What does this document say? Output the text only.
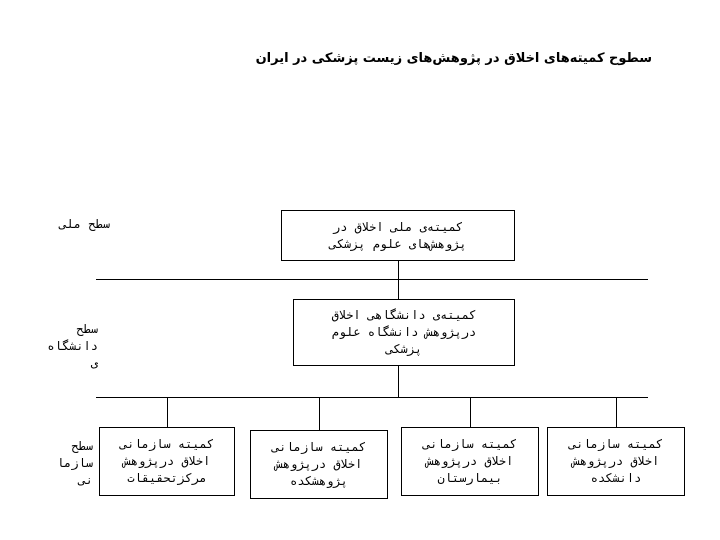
سطوح کمیته‌های اخلاق در پژوهش‌های زیست پزشکی در ایران
سطح ملی
سطح
دانشگاه
ی
سطح
سازما
نی
کمیته‌ی ملی اخلاق در
پژوهش‌های علوم پزشکی
کمیته‌ی دانشگاهی اخلاق
درپژوهش دانشگاه علوم
پزشکی
کمیته سازمانی
اخلاق درپژوهش
مرکزتحقیقات
کمیته سازمانی
اخلاق درپژوهش
پژوهشکده
کمیته سازمانی
اخلاق درپژوهش
بیمارستان
کمیته سازمانی
اخلاق درپژوهش
دانشکده
